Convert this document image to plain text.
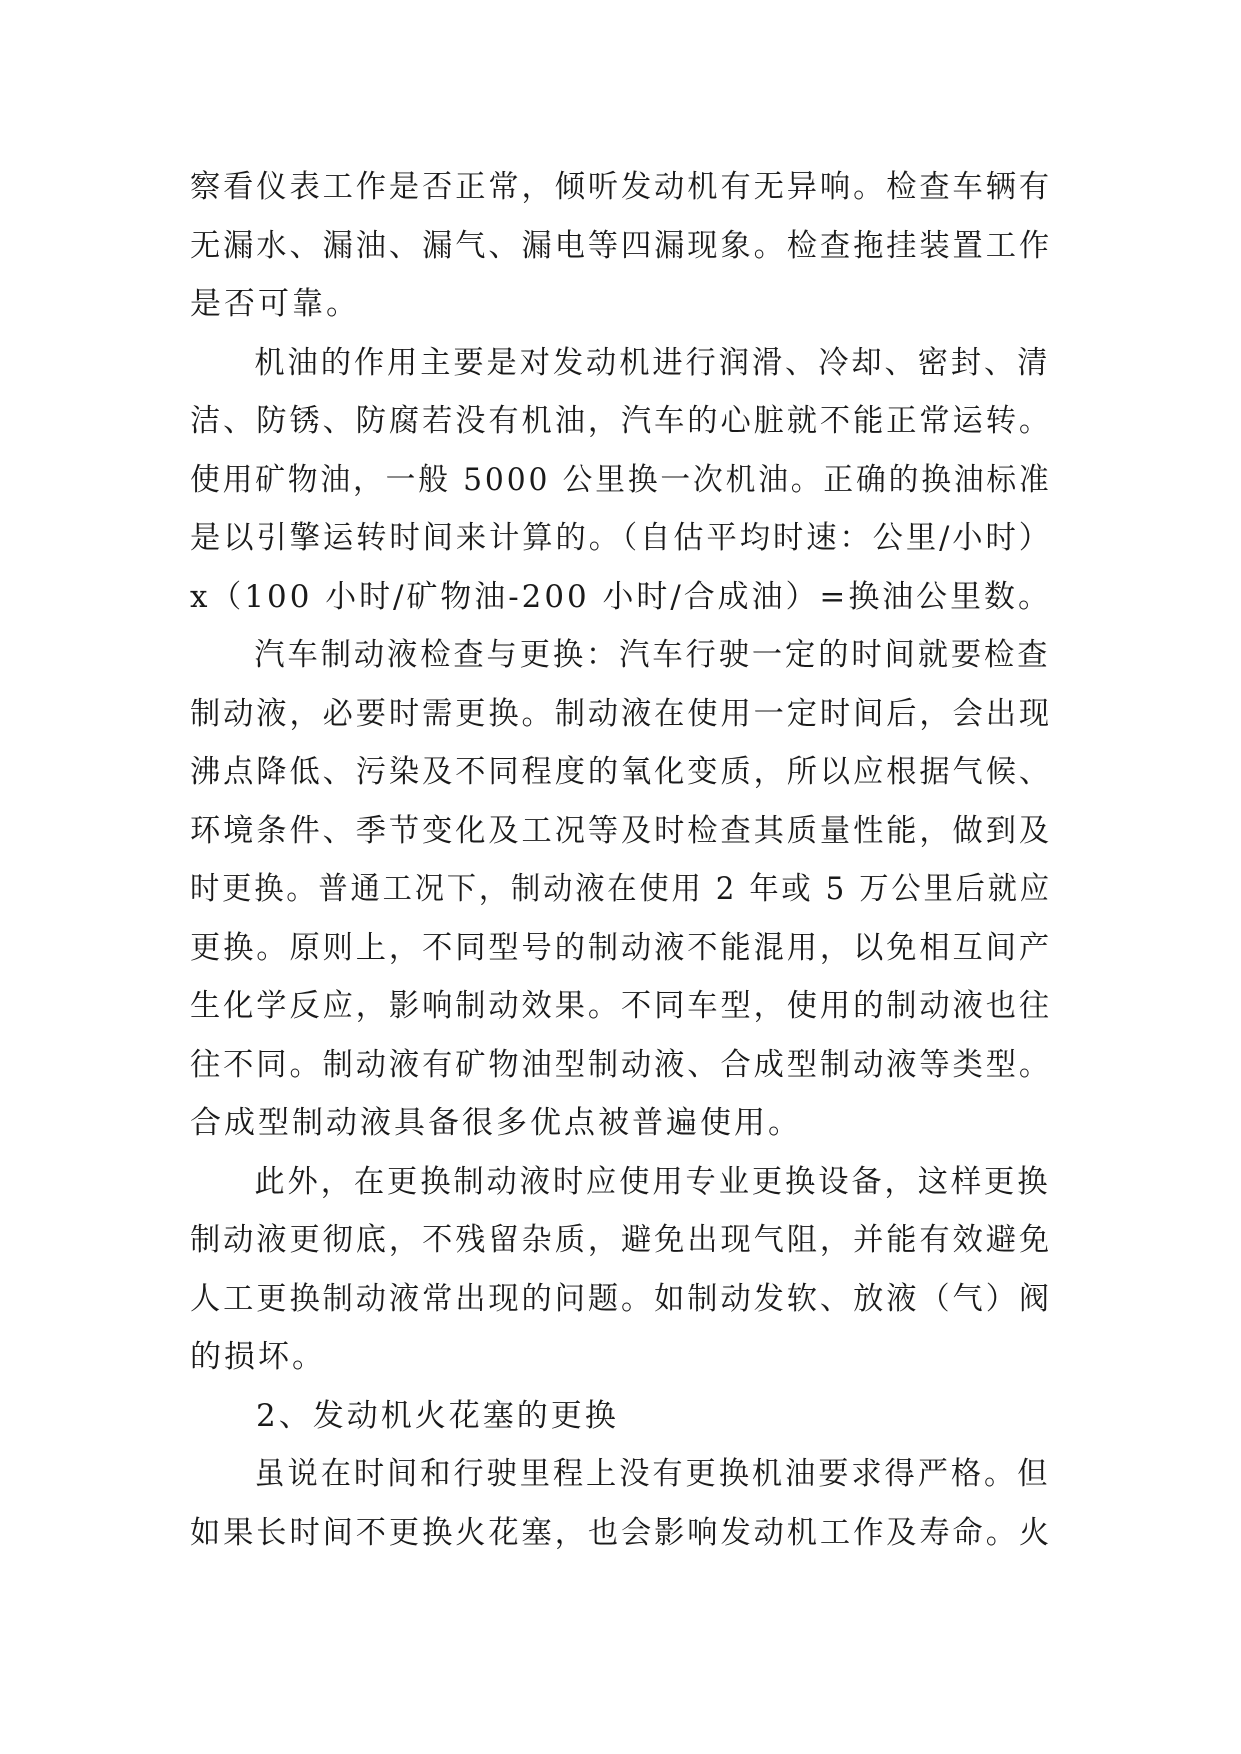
察看仪表工作是否正常，倾听发动机有无异响。检查车辆有
无漏水、漏油、漏气、漏电等四漏现象。检查拖挂装置工作
是否可靠。
机油的作用主要是对发动机进行润滑、冷却、密封、清
洁、防锈、防腐若没有机油，汽车的心脏就不能正常运转。
使用矿物油，一般 5000 公里换一次机油。正确的换油标准
是以引擎运转时间来计算的。（自估平均时速：公里/小时）
x（100 小时/矿物油-200 小时/合成油）=换油公里数。
汽车制动液检查与更换：汽车行驶一定的时间就要检查
制动液，必要时需更换。制动液在使用一定时间后，会出现
沸点降低、污染及不同程度的氧化变质，所以应根据气候、
环境条件、季节变化及工况等及时检查其质量性能，做到及
时更换。普通工况下，制动液在使用 2 年或 5 万公里后就应
更换。原则上，不同型号的制动液不能混用，以免相互间产
生化学反应，影响制动效果。不同车型，使用的制动液也往
往不同。制动液有矿物油型制动液、合成型制动液等类型。
合成型制动液具备很多优点被普遍使用。
此外，在更换制动液时应使用专业更换设备，这样更换
制动液更彻底，不残留杂质，避免出现气阻，并能有效避免
人工更换制动液常出现的问题。如制动发软、放液（气）阀
的损坏。
2、发动机火花塞的更换
虽说在时间和行驶里程上没有更换机油要求得严格。但
如果长时间不更换火花塞，也会影响发动机工作及寿命。火
